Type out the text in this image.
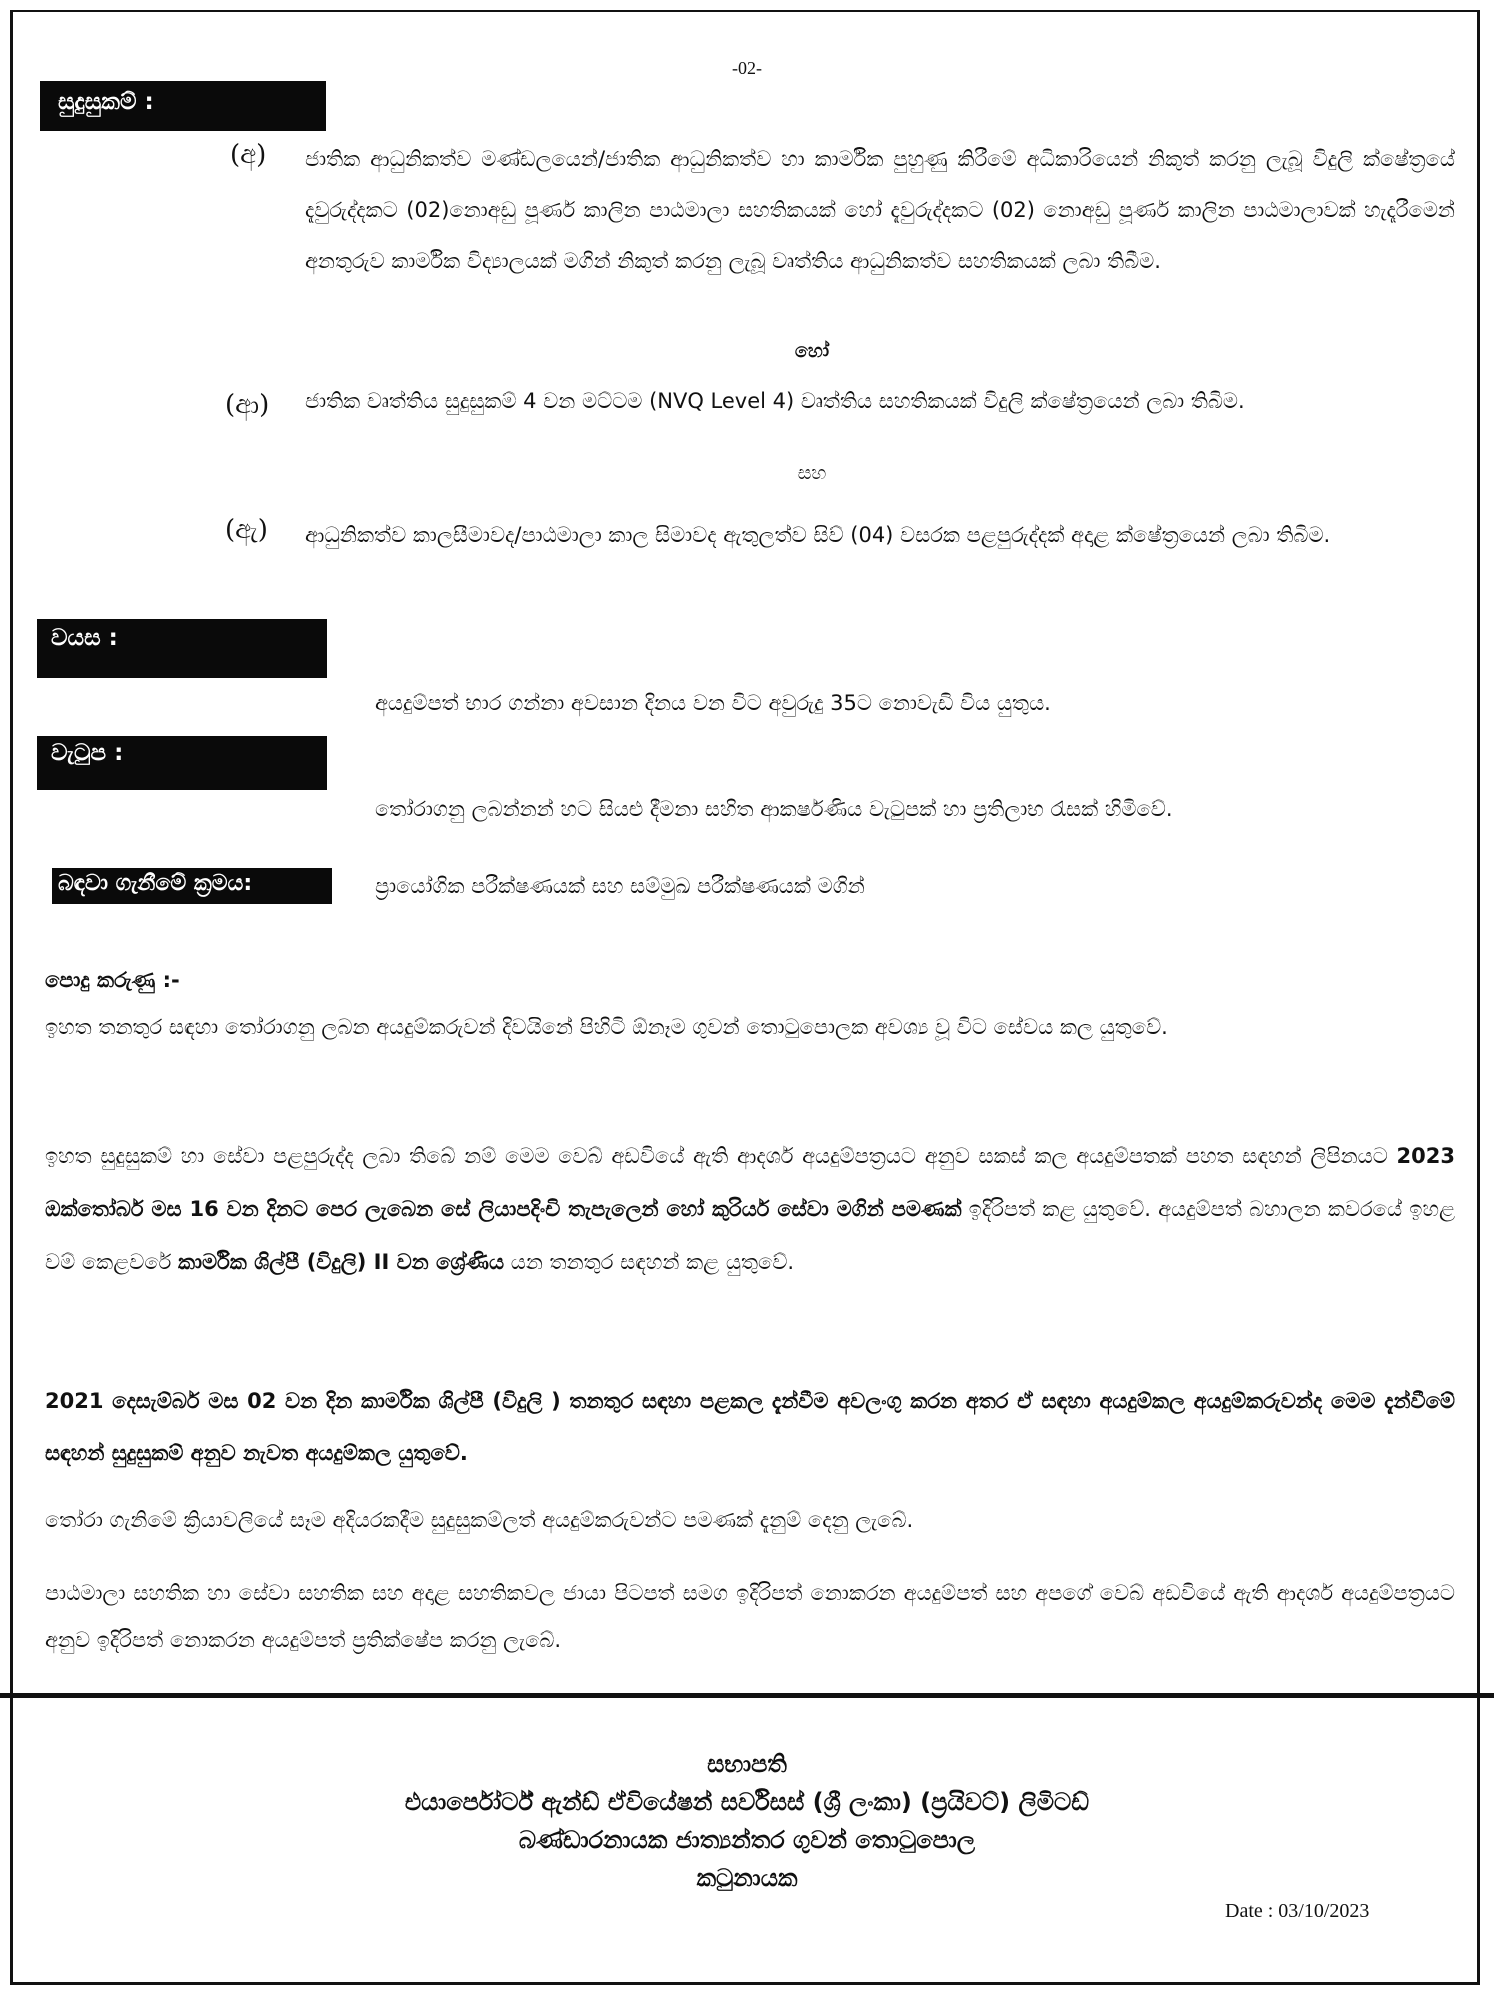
-02-
සුදුසුකම් :
(අ) ජාතික ආධුනිකත්ව මණ්ඩලයෙන්/ජාතික ආධුනිකත්ව හා කාර්මික පුහුණු කිරීමේ අධිකාරියෙන් නිකුත් කරනු ලැබූ විදුලි ක්ෂේත්‍රයේ දැවුරුද්දකට (02)නොඅඩු පූර්ණ කාලින පාඨමාලා සහතිකයක් හෝ දැවුරුද්දකට (02) නොඅඩු පූර්ණ කාලින පාඨමාලාවක් හැදෑරීමෙන් අනතුරුව කාර්මික විද්‍යාලයක් මගින් නිකුත් කරනු ලැබූ වෘත්තිය ආධුනිකත්ව සහතිකයක් ලබා තිබීම.
හෝ
(ආ) ජාතික වෘත්තිය සුදුසුකම් 4 වන මට්ටම (NVQ Level 4) වෘත්තිය සහතිකයක් විදුලි ක්ෂේත්‍රයෙන් ලබා තිබිම.
සහ
(ඇ) ආධුනිකත්ව කාලසීමාවද/පාඨමාලා කාල සිමාවද ඇතුලත්ව සිව් (04) වසරක පළපුරුද්දක් අදාළ ක්ෂේත්‍රයෙන් ලබා තිබිම.
වයස :
අයදුම්පත් භාර ගන්නා අවසාන දිනය වන විට අවුරුදු 35ට නොවැඩි විය යුතුය.
වැටුප :
තෝරාගනු ලබන්නන් හට සියළු දීමනා සහිත ආකර්ෂණිය වැටුපක් හා ප්‍රතිලාභ රැසක් හිමිවේ.
බඳවා ගැනීමේ ක්‍රමය:	ප්‍රායෝගික පරීක්ෂණයක් සහ සම්මුඛ පරීක්ෂණයක් මගින්
පොදු කරුණු :-
ඉහත තනතුර සඳහා තෝරාගනු ලබන අයදුම්කරුවන් දිවයිනේ පිහිටි ඕනෑම ගුවන් තොටුපොලක අවශ්‍ය වූ විට සේවය කල යුතුවේ.
ඉහත සුදුසුකම් හා සේවා පළපුරුද්ද ලබා තිබේ නම් මෙම වෙබ් අඩවියේ ඇති ආදර්ශ අයදුම්පත්‍රයට අනුව සකස් කල අයදුම්පතක් පහත සඳහන් ලිපිනයට 2023 ඔක්තෝබර් මස 16 වන දිනට පෙර ලැබෙන සේ ලියාපදිංචි තැපැලෙන් හෝ කුරියර් සේවා මගින් පමණක් ඉදිරිපත් කළ යුතුවේ. අයදුම්පත් බහාලන කවරයේ ඉහළ වම් කෙළවරේ කාර්මික ශිල්පී (විදුලි) II වන ශ්‍රේණිය යන තනතුර සඳහන් කළ යුතුවේ.
2021 දෙසැම්බර් මස 02 වන දින කාර්මික ශිල්පී (විදුලි ) තනතුර සඳහා පළකල දැන්වීම අවලංගු කරන අතර ඒ සඳහා අයදුම්කල අයදුම්කරුවන්ද මෙම දැන්වීමේ සඳහන් සුදුසුකම් අනුව නැවත අයදුම්කල යුතුවේ.
තෝරා ගැනිමේ ක්‍රියාවලියේ සෑම අදියරකදීම සුදුසුකම්ලත් අයදුම්කරුවන්ට පමණක් දැනුම් දෙනු ලැබේ.
පාඨමාලා සහතික හා සේවා සහතික සහ අදාළ සහතිකවල ජායා පිටපත් සමග ඉදිරිපත් නොකරන අයදුම්පත් සහ අපගේ වෙබ් අඩවියේ ඇති ආදර්ශ අයදුම්පත්‍රයට අනුව ඉදිරිපත් නොකරන අයදුම්පත් ප්‍රතික්ෂේප කරනු ලැබේ.
සභාපති
එයාර්පෝර්ට් ඇන්ඩ් ඒවියේෂන් සර්විසස් (ශ්‍රී ලංකා) (ප්‍රයිවට්) ලිමිටඩ්
බණ්ඩාරනායක ජාත්‍යන්තර ගුවන් තොටුපොල
කටුනායක
Date : 03/10/2023
